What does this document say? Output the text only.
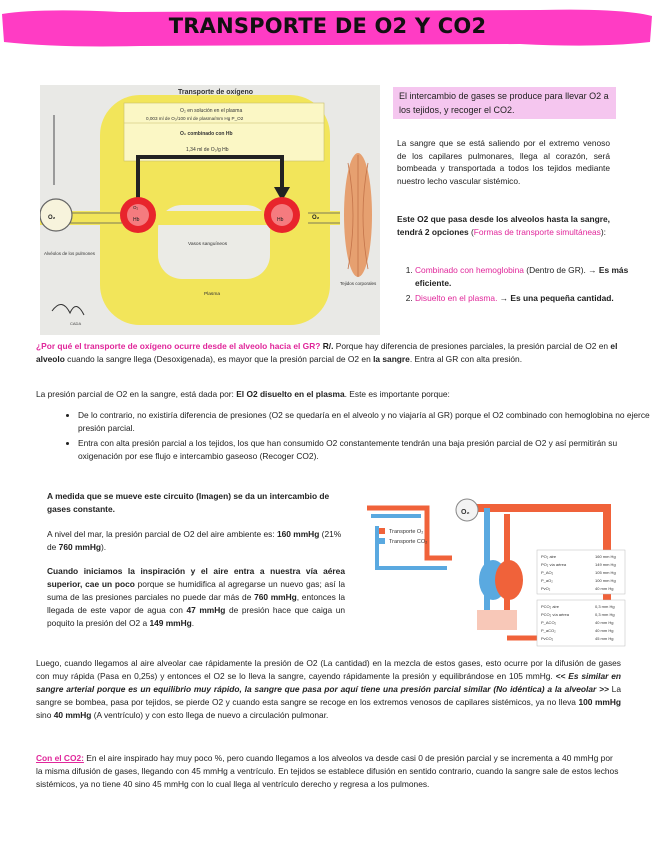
TRANSPORTE DE O2 Y CO2
Transporte de oxígeno
O₂ en solución en el plasma
0,003 ml de O₂/100 ml de plasma/mm Hg P_O2
O₂ combinado con Hb
1,34 ml de O₂/g Hb
O₂
O₂
Hb	Hb	O₂
Alvéolos de los pulmones
Vasos sanguíneos
Plasma
Tejidos corporales
CADA
El intercambio de gases se produce para llevar O2 a los tejidos, y recoger el CO2.
La sangre que se está saliendo por el extremo venoso de los capilares pulmonares, llega al corazón, será bombeada y transportada a todos los tejidos mediante nuestro lecho vascular sistémico.
Este O2 que pasa desde los alveolos hasta la sangre, tendrá 2 opciones (Formas de transporte simultáneas):
1. Combinado con hemoglobina (Dentro de GR). → Es más eficiente.
2. Disuelto en el plasma. → Es una pequeña cantidad.
¿Por qué el transporte de oxígeno ocurre desde el alveolo hacia el GR? R/. Porque hay diferencia de presiones parciales, la presión parcial de O2 en el alveolo cuando la sangre llega (Desoxigenada), es mayor que la presión parcial de O2 en la sangre. Entra al GR con alta presión.
La presión parcial de O2 en la sangre, está dada por: El O2 disuelto en el plasma. Este es importante porque:
• De lo contrario, no existiría diferencia de presiones (O2 se quedaría en el alveolo y no viajaría al GR) porque el O2 combinado con hemoglobina no ejerce presión parcial.
• Entra con alta presión parcial a los tejidos, los que han consumido O2 constantemente tendrán una baja presión parcial de O2 y así permitirán su oxigenación por ese flujo e intercambio gaseoso (Recoger CO2).
A medida que se mueve este circuito (Imagen) se da un intercambio de gases constante.
A nivel del mar, la presión parcial de O2 del aire ambiente es: 160 mmHg (21% de 760 mmHg).
Cuando iniciamos la inspiración y el aire entra a nuestra vía aérea superior, cae un poco porque se humidifica al agregarse un nuevo gas; así la suma de las presiones parciales no puede dar más de 760 mmHg, entonces la llegada de este vapor de agua con 47 mmHg de presión hace que caiga un poquito la presión del O2 a 149 mmHg.
O₂
Transporte O₂
Transporte CO₂
PO₂ aire	160 mm Hg
PO₂ vía aérea	149 mm Hg
P_AO₂	105 mm Hg
P_aO₂	100 mm Hg
PvO₂	40 mm Hg
PCO₂ aire	0,3 mm Hg
PCO₂ vía aérea	0,3 mm Hg
P_ACO₂	40 mm Hg
P_aCO₂	40 mm Hg
PvCO₂	45 mm Hg
Luego, cuando llegamos al aire alveolar cae rápidamente la presión de O2 (La cantidad) en la mezcla de estos gases, esto ocurre por la difusión de gases con muy rápida (Pasa en 0,25s) y entonces el O2 se lo lleva la sangre, cayendo rápidamente la presión y equilibrándose en 105 mmHg. << Es similar en sangre arterial porque es un equilibrio muy rápido, la sangre que pasa por aquí tiene una presión parcial similar (No idéntica) a la alveolar >> La sangre se bombea, pasa por tejidos, se pierde O2 y cuando esta sangre se recoge en los extremos venosos de capilares sistémicos, ya no lleva 100 mmHg sino 40 mmHg (A ventrículo) y con esto llega de nuevo a circulación pulmonar.
Con el CO2: En el aire inspirado hay muy poco %, pero cuando llegamos a los alveolos va desde casi 0 de presión parcial y se incrementa a 40 mmHg por la misma difusión de gases, llegando con 45 mmHg a ventrículo. En tejidos se establece difusión en sentido contrario, cuando la sangre sale de estos lechos sistémicos, ya no tiene 40 sino 45 mmHg con lo cual llega al ventrículo derecho y regresa a los pulmones.
